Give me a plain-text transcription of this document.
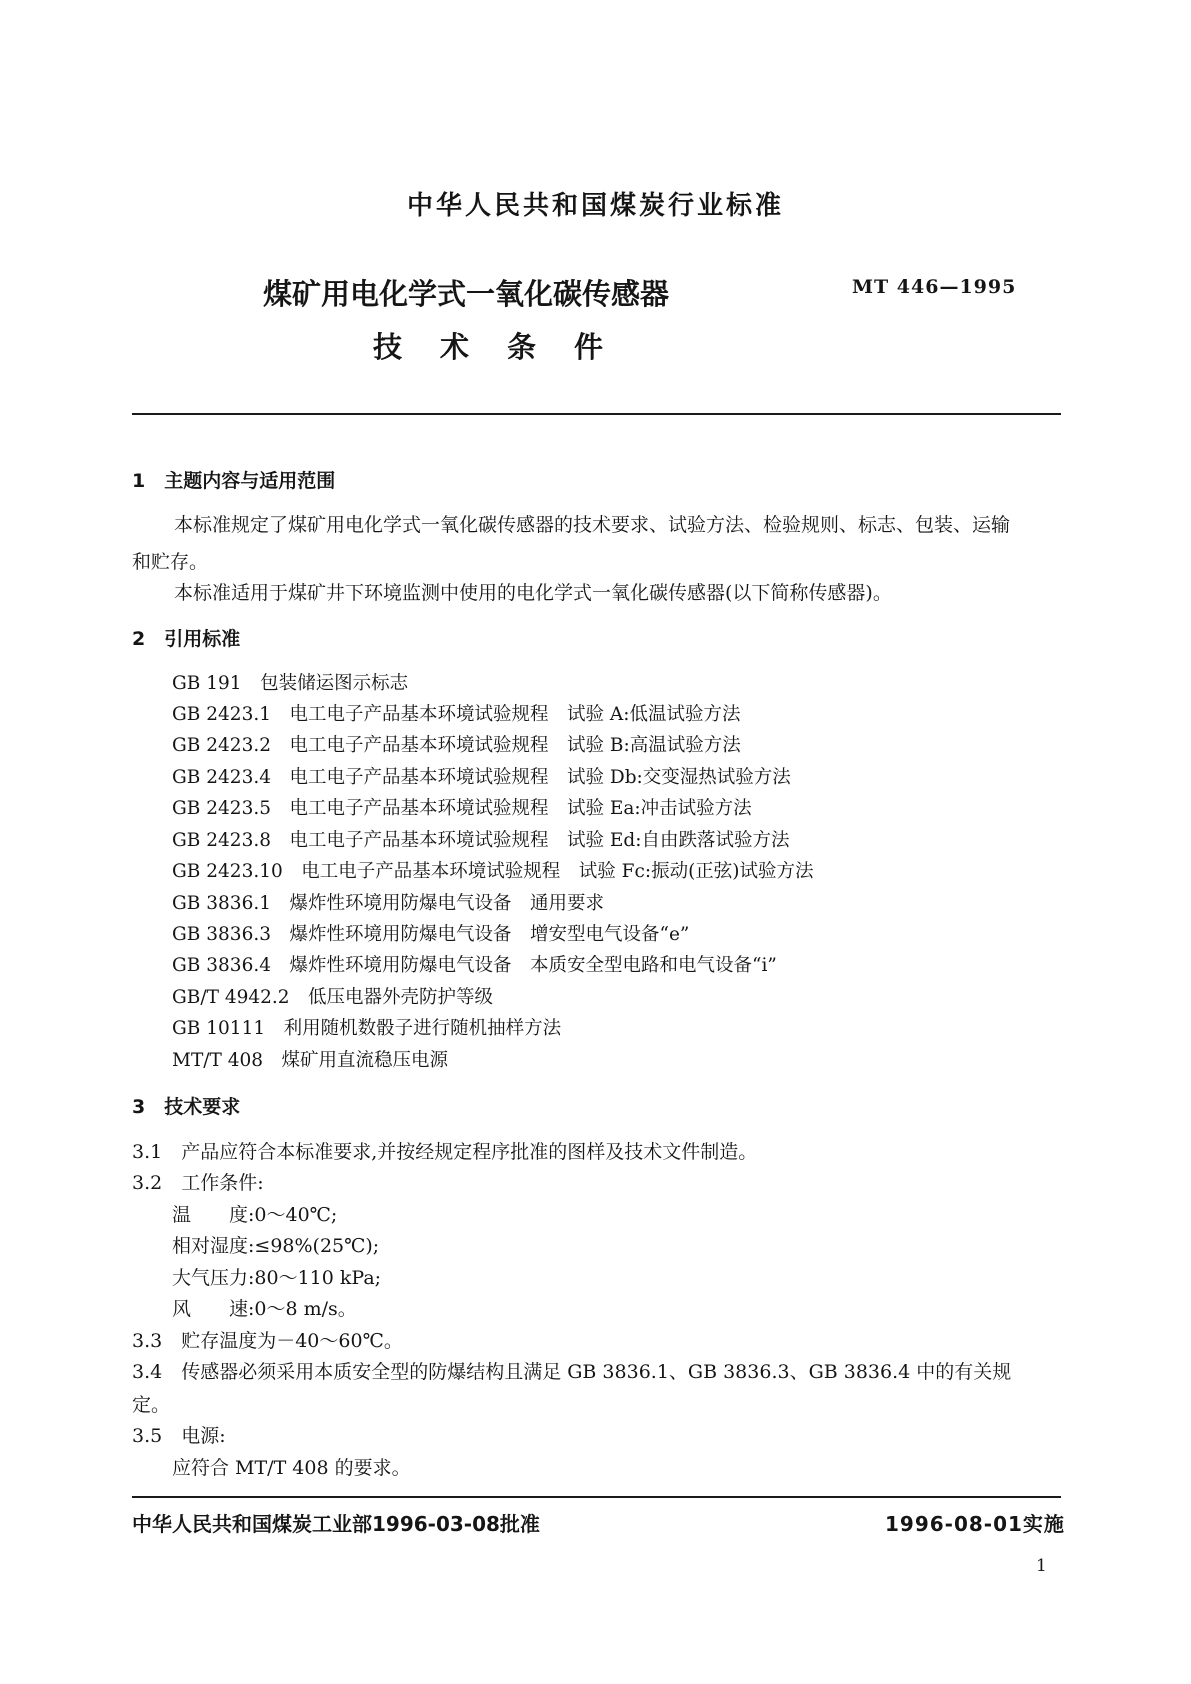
中华人民共和国煤炭行业标准
煤矿用电化学式一氧化碳传感器
技 术 条 件
MT 446—1995
1　主题内容与适用范围
本标准规定了煤矿用电化学式一氧化碳传感器的技术要求、试验方法、检验规则、标志、包装、运输
和贮存。
本标准适用于煤矿井下环境监测中使用的电化学式一氧化碳传感器(以下简称传感器)。
2　引用标准
GB 191　包装储运图示标志
GB 2423.1　电工电子产品基本环境试验规程　试验 A:低温试验方法
GB 2423.2　电工电子产品基本环境试验规程　试验 B:高温试验方法
GB 2423.4　电工电子产品基本环境试验规程　试验 Db:交变湿热试验方法
GB 2423.5　电工电子产品基本环境试验规程　试验 Ea:冲击试验方法
GB 2423.8　电工电子产品基本环境试验规程　试验 Ed:自由跌落试验方法
GB 2423.10　电工电子产品基本环境试验规程　试验 Fc:振动(正弦)试验方法
GB 3836.1　爆炸性环境用防爆电气设备　通用要求
GB 3836.3　爆炸性环境用防爆电气设备　增安型电气设备“e”
GB 3836.4　爆炸性环境用防爆电气设备　本质安全型电路和电气设备“i”
GB/T 4942.2　低压电器外壳防护等级
GB 10111　利用随机数骰子进行随机抽样方法
MT/T 408　煤矿用直流稳压电源
3　技术要求
3.1　产品应符合本标准要求,并按经规定程序批准的图样及技术文件制造。
3.2　工作条件:
温　　度:0～40℃;
相对湿度:≤98%(25℃);
大气压力:80～110 kPa;
风　　速:0～8 m/s。
3.3　贮存温度为－40～60℃。
3.4　传感器必须采用本质安全型的防爆结构且满足 GB 3836.1、GB 3836.3、GB 3836.4 中的有关规
定。
3.5　电源:
应符合 MT/T 408 的要求。
中华人民共和国煤炭工业部1996-03-08批准	1996-08-01实施
1
